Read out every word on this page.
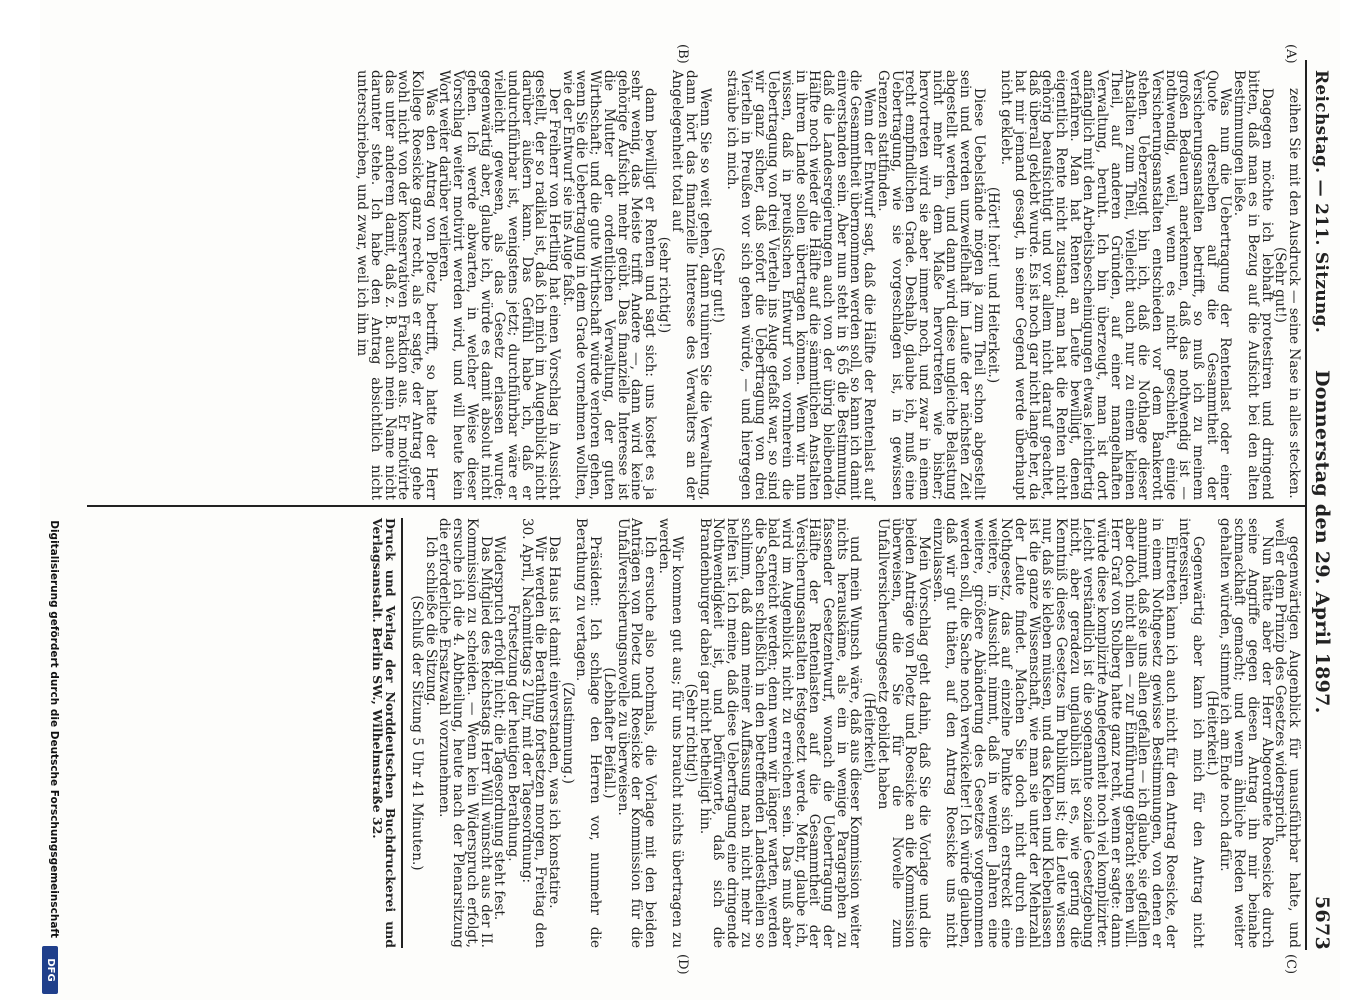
Reichstag. — 211. Sitzung.
Donnerstag den 29. April 1897.
5673
(A)
(B)
(C)
(D)

zeihen Sie mit den Ausdruck — seine Nase in alles stecken.

(Sehr gut!)

Dagegen möchte ich lebhaft protestiren und dringend bitten, daß man es in Bezug auf die Aufsicht bei den alten Bestimmungen ließe.

Was nun die Uebertragung der Rentenlast oder einer Quote derselben auf die Gesammtheit der Versicherungsanstalten betrifft, so muß ich zu meinem großen Bedauern anerkennen, daß das nothwendig ist — nothwendig, weil, wenn es nicht geschieht, einige Versicherungsanstalten entschieden vor dem Bankerott stehen. Ueberzeugt bin ich, daß die Nothlage dieser Anstalten zum Theil, vielleicht auch nur zu einem kleinen Theil, auf anderen Gründen, auf einer mangelhaften Verwaltung, beruht. Ich bin überzeugt, man ist dort anfänglich mit den Arbeitsbescheinigungen etwas leichtfertig verfahren. Man hat Renten an Leute bewilligt, denen eigentlich Rente nicht zustand; man hat die Renten nicht gehörig beaufsichtigt und vor allem nicht darauf geachtet, daß überall geklebt wurde. Es ist noch gar nicht lange her, da hat mir jemand gesagt, in seiner Gegend werde überhaupt nicht geklebt.

(Hört! hört! und Heiterkeit.)

Diese Uebelstände mögen ja zum Theil schon abgestellt sein und werden unzweifelhaft im Laufe der nächsten Zeit abgestellt werden, und dann wird diese ungleiche Belastung nicht mehr in dem Maße hervortreten wie bisher; hervortreten wird sie aber immer noch, und zwar in einem recht empfindlichen Grade. Deshalb, glaube ich, muß eine Uebertragung, wie sie vorgeschlagen ist, in gewissen Grenzen stattfinden.

Wenn der Entwurf sagt, daß die Hälfte der Rentenlast auf die Gesammtheit übernommen werden soll, so kann ich damit einverstanden sein. Aber nun steht in § 65 die Bestimmung, daß die Landesregierungen auch von der übrig bleibenden Hälfte noch wieder die Hälfte auf die sämmtlichen Anstalten in ihrem Lande sollen übertragen können. Wenn wir nun wissen, daß in preußischen Entwurf von vornherein die Uebertragung von drei Vierteln ins Auge gefaßt war, so sind wir ganz sicher, daß sofort die Uebertragung von drei Vierteln in Preußen vor sich gehen würde, — und hiergegen sträube ich mich.

(Sehr gut!)

Wenn Sie so weit gehen, dann ruiniren Sie die Verwaltung, dann hört das finanzielle Interesse des Verwalters an der Angelegenheit total auf

(sehr richtig!)

dann bewilligt er Renten und sagt sich: uns kostet es ja sehr wenig, das Meiste trifft Andere —, dann wird keine gehörige Aufsicht mehr geübt. Das finanzielle Interesse ist die Mutter der ordentlichen Verwaltung, der guten Wirthschaft; und die gute Wirthschaft würde verloren gehen, wenn Sie die Uebertragung in dem Grade vornehmen wollten, wie der Entwurf sie ins Auge faßt.

Der Freiherr von Hertling hat einen Vorschlag in Aussicht gestellt, der so radikal ist, daß ich mich im Augenblick nicht darüber äußern kann. Das Gefühl habe ich, daß er undurchführbar ist, wenigstens jetzt; durchführbar wäre er vielleicht gewesen, als das Gesetz erlassen wurde; gegenwärtig aber, glaube ich, würde es damit absolut nicht gehen. Ich werde abwarten, in welcher Weise dieser Vorschlag weiter motivirt werden wird, und will heute kein Wort weiter darüber verlieren.

Was den Antrag von Ploetz betrifft, so hatte der Herr Kollege Roesicke ganz recht, als er sagte, der Antrag gehe wohl nicht von der konservativen Fraktion aus. Er motivirte das unter anderem damit, daß z. B. auch mein Name nicht darunter stehe. Ich habe den Antrag absichtlich nicht unterschrieben, und zwar, weil ich ihn im

gegenwärtigen Augenblick für unausführbar halte, und weil er dem Prinzip des Gesetzes widerspricht.

Nun hätte aber der Herr Abgeordnete Roesicke durch seine Angriffe gegen diesen Antrag ihn mir beinahe schmackhaft gemacht; und wenn ähnliche Reden weiter gehalten würden, stimmte ich am Ende noch dafür.

(Heiterkeit.)

Gegenwärtig aber kann ich mich für den Antrag nicht interessiren.

Eintreten kann ich auch nicht für den Antrag Roesicke, der in einem Nothgesetz gewisse Bestimmungen, von denen er annimmt, daß sie uns allen gefallen — ich glaube, sie gefallen aber doch nicht allen — zur Einführung gebracht sehen will. Herr Graf von Stolberg hatte ganz recht, wenn er sagte: dann würde diese komplizirte Angelegenheit noch viel komplizirter. Leicht verständlich ist die sogenannte soziale Gesetzgebung nicht, aber geradezu unglaublich ist es, wie gering die Kenntniß dieses Gesetzes im Publikum ist; die Leute wissen nur, daß sie kleben müssen, und das Kleben und Klebenlassen ist die ganze Wissenschaft, wie man sie unter der Mehrzahl der Leute findet. Machen Sie doch nicht durch ein Nothgesetz, das auf einzelne Punkte sich erstreckt eine weitere, in Aussicht nimmt, daß in wenigen Jahren eine weitere, größere Abänderung des Gesetzes vorgenommen werden soll, die Sache noch verwickelter! Ich würde glauben, daß wir gut thäten, auf den Antrag Roesicke uns nicht einzulassen.

Mein Vorschlag geht dahin, daß Sie die Vorlage und die beiden Anträge von Ploetz und Roesicke an die Kommission überweisen, die Sie für die Novelle zum Unfallversicherungsgesetz gebildet haben

(Heiterkeit)

und mein Wunsch wäre, daß aus dieser Kommission weiter nichts herauskäme, als ein in wenige Paragraphen zu fassender Gesetzentwurf, wonach die Uebertragung der Hälfte der Rentenlasten auf die Gesammtheit der Versicherungsanstalten festgesetzt werde. Mehr, glaube ich, wird im Augenblick nicht zu erreichen sein. Das muß aber bald erreicht werden; denn wenn wir länger warten, werden die Sachen schließlich in den betreffenden Landestheilen so schlimm, daß dann meiner Auffassung nach nicht mehr zu helfen ist. Ich meine, daß diese Uebertragung eine dringende Nothwendigkeit ist, und befürworte, daß sich die Brandenburger dabei gar nicht betheiligt hin.

(Sehr richtig!)

Wir kommen gut aus; für uns braucht nichts übertragen zu werden.

Ich ersuche also nochmals, die Vorlage mit den beiden Anträgen von Ploetz und Roesicke der Kommission für die Unfallversicherungsnovelle zu überweisen.

(Lebhafter Beifall.)

Präsident: Ich schlage den Herren vor, nunmehr die Berathung zu vertagen.

(Zustimmung.)

Das Haus ist damit einverstanden, was ich konstatire.

Wir werden die Berathung fortsetzen morgen, Freitag den 30. April, Nachmittags 2 Uhr, mit der Tagesordnung:

Fortsetzung der heutigen Berathung.

Widerspruch erfolgt nicht; die Tagesordnung steht fest.

Das Mitglied des Reichstags Herr Will wünscht aus der II. Kommission zu scheiden. — Wenn kein Widerspruch erfolgt, ersuche ich die 4. Abtheilung, heute nach der Plenarsitzung die erforderliche Ersatzwahl vorzunehmen.

Ich schließe die Sitzung.

(Schluß der Sitzung 5 Uhr 41 Minuten.)

Druck und Verlag der Norddeutschen Buchdruckerei und Verlagsanstalt. Berlin SW., Wilhelmstraße 32.

Digitalisierung gefördert durch die Deutsche Forschungsgemeinschaft
DFG
